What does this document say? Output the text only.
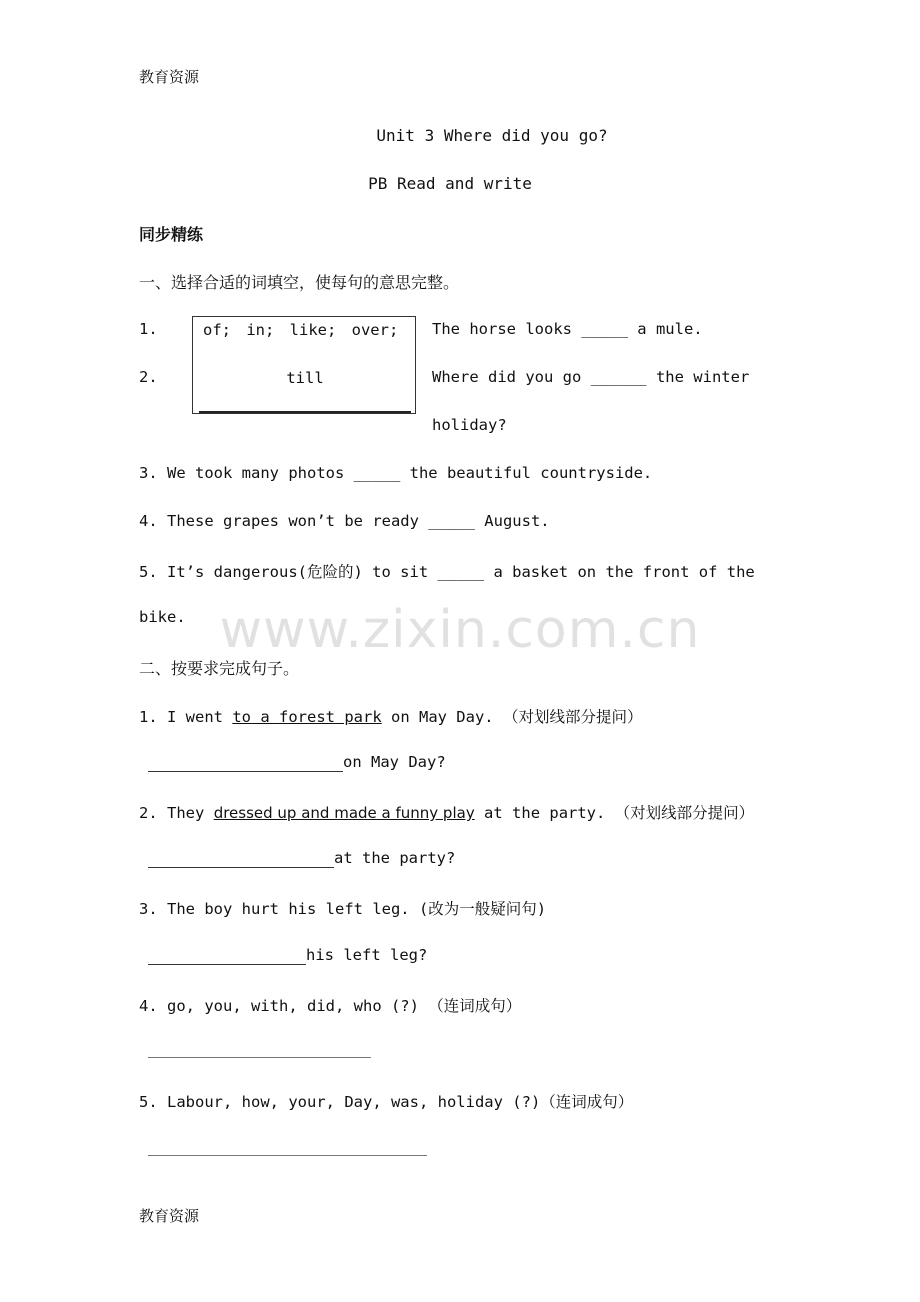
教育资源
Unit 3 Where did you go?
PB Read and write
同步精练
一、选择合适的词填空，使每句的意思完整。
1.	The horse looks _____ a mule.
2.	Where did you go ______ the winter
holiday?
of; in; like; over;
till
3. We took many photos _____ the beautiful countryside.
4. These grapes won’t be ready _____ August.
5. It’s dangerous(危险的) to sit _____ a basket on the front of the
bike.
二、按要求完成句子。
1. I went to a forest park on May Day. （对划线部分提问）
on May Day?
2. They dressed up and made a funny play at the party. （对划线部分提问）
at the party?
3. The boy hurt his left leg. (改为一般疑问句)
his left leg?
4. go, you, with, did, who (?) （连词成句）
5. Labour, how, your, Day, was, holiday (?)（连词成句）
www.zixin.com.cn
教育资源
